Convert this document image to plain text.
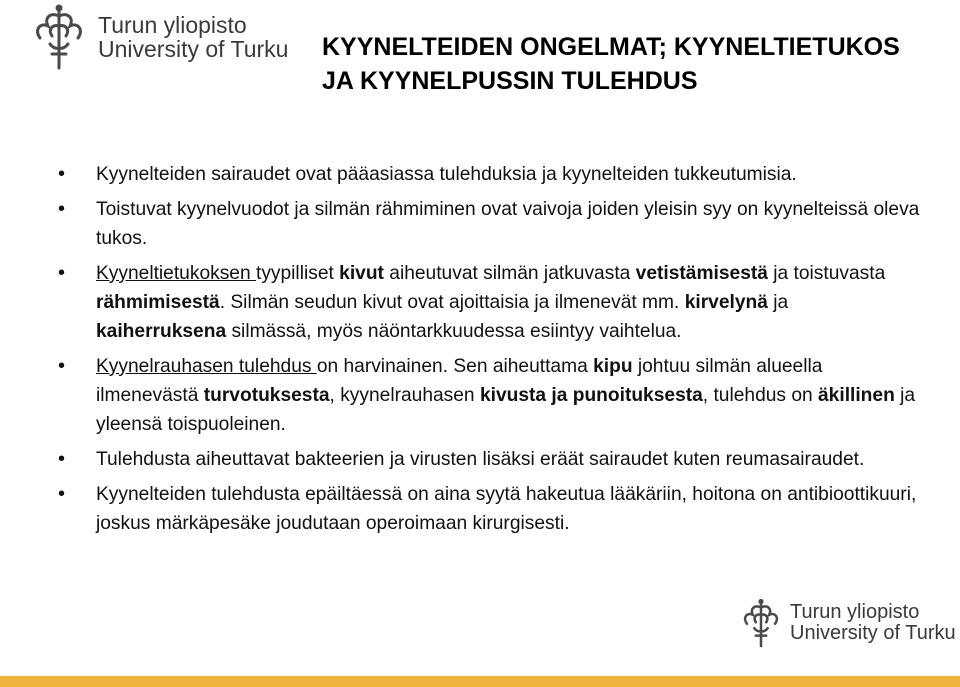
Turun yliopisto
University of Turku KYYNELTEIDEN ONGELMAT; KYYNELTIETUKOS
JA KYYNELPUSSIN TULEHDUS
• Kyynelteiden sairaudet ovat pääasiassa tulehduksia ja kyynelteiden tukkeutumisia.
• Toistuvat kyynelvuodot ja silmän rähmiminen ovat vaivoja joiden yleisin syy on kyynelteissä oleva tukos.
• Kyyneltietukoksen tyypilliset kivut aiheutuvat silmän jatkuvasta vetistämisestä ja toistuvasta rähmimisestä. Silmän seudun kivut ovat ajoittaisia ja ilmenevät mm. kirvelynä ja kaiherruksena silmässä, myös näöntarkkuudessa esiintyy vaihtelua.
• Kyynelrauhasen tulehdus on harvinainen. Sen aiheuttama kipu johtuu silmän alueella ilmenevästä turvotuksesta, kyynelrauhasen kivusta ja punoituksesta, tulehdus on äkillinen ja yleensä toispuoleinen.
• Tulehdusta aiheuttavat bakteerien ja virusten lisäksi eräät sairaudet kuten reumasairaudet.
• Kyynelteiden tulehdusta epäiltäessä on aina syytä hakeutua lääkäriin, hoitona on antibioottikuuri, joskus märkäpesäke joudutaan operoimaan kirurgisesti.
Turun yliopisto
University of Turku
